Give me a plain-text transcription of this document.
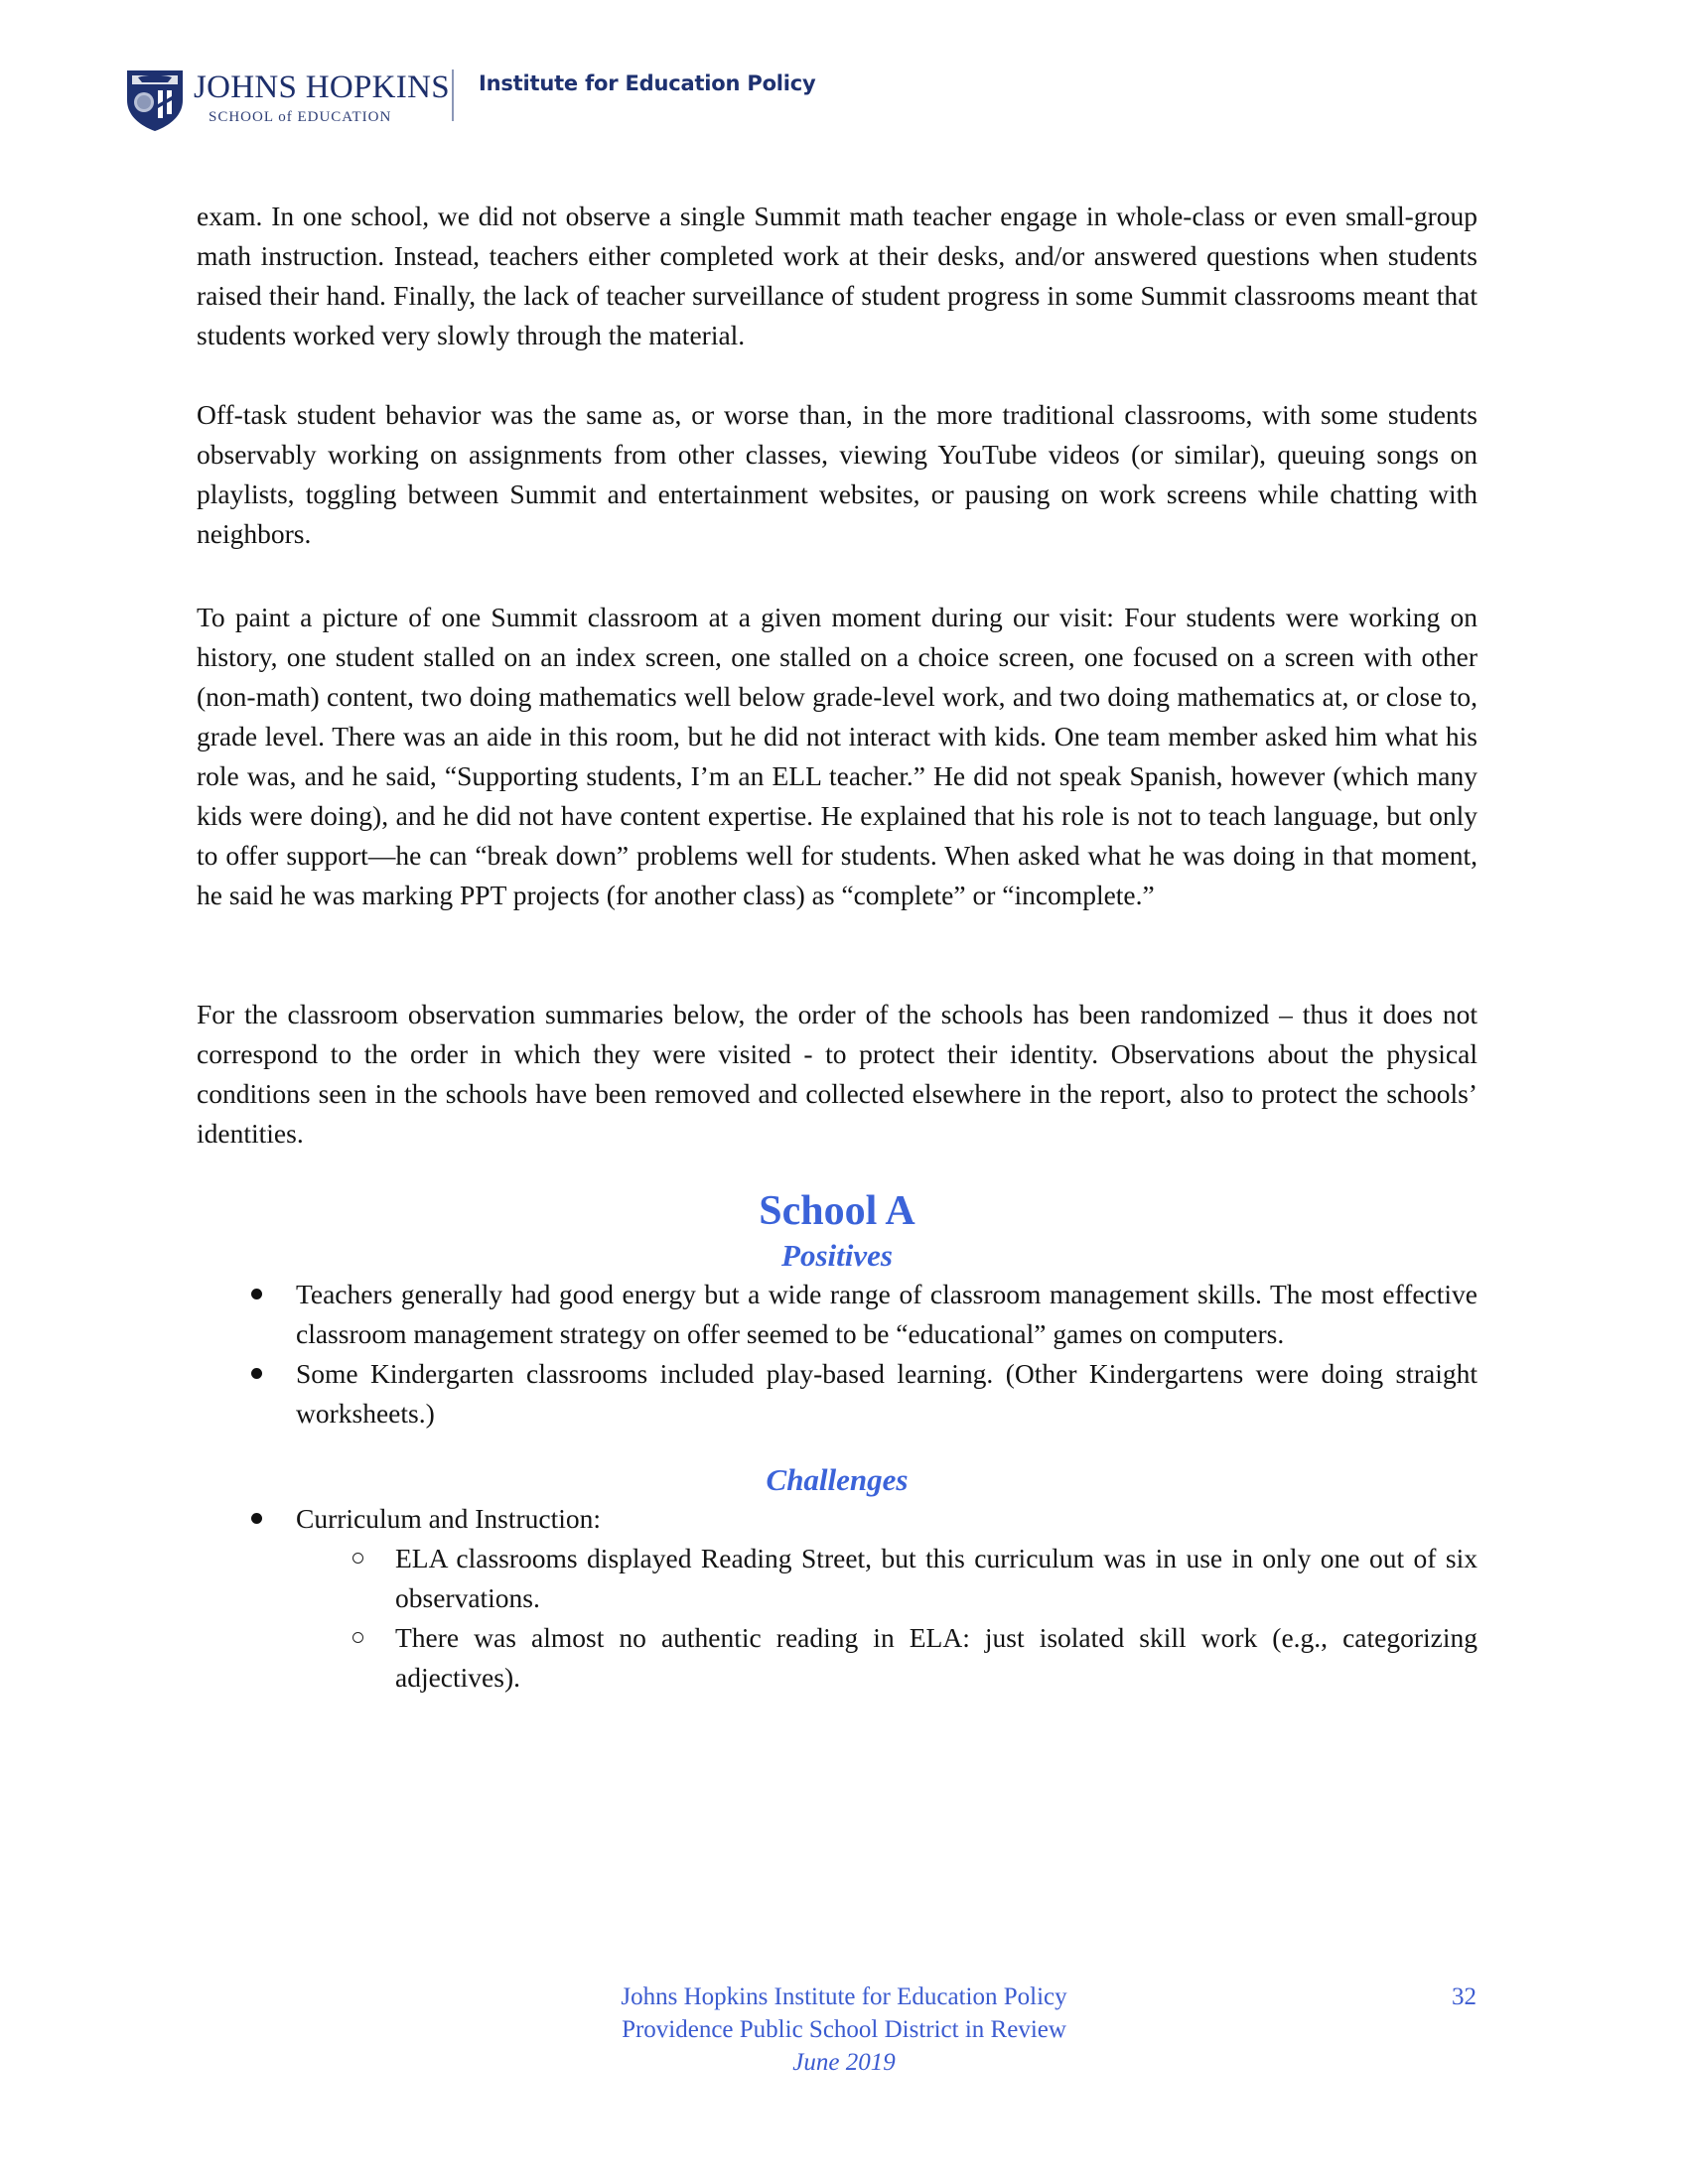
JOHNS HOPKINS
SCHOOL of EDUCATION
Institute for Education Policy

exam. In one school, we did not observe a single Summit math teacher engage in whole-class or even small-group math instruction. Instead, teachers either completed work at their desks, and/or answered questions when students raised their hand. Finally, the lack of teacher surveillance of student progress in some Summit classrooms meant that students worked very slowly through the material.

Off-task student behavior was the same as, or worse than, in the more traditional classrooms, with some students observably working on assignments from other classes, viewing YouTube videos (or similar), queuing songs on playlists, toggling between Summit and entertainment websites, or pausing on work screens while chatting with neighbors.

To paint a picture of one Summit classroom at a given moment during our visit: Four students were working on history, one student stalled on an index screen, one stalled on a choice screen, one focused on a screen with other (non-math) content, two doing mathematics well below grade-level work, and two doing mathematics at, or close to, grade level. There was an aide in this room, but he did not interact with kids. One team member asked him what his role was, and he said, “Supporting students, I’m an ELL teacher.” He did not speak Spanish, however (which many kids were doing), and he did not have content expertise. He explained that his role is not to teach language, but only to offer support—he can “break down” problems well for students. When asked what he was doing in that moment, he said he was marking PPT projects (for another class) as “complete” or “incomplete.”

For the classroom observation summaries below, the order of the schools has been randomized – thus it does not correspond to the order in which they were visited - to protect their identity. Observations about the physical conditions seen in the schools have been removed and collected elsewhere in the report, also to protect the schools’ identities.

School A
Positives
Teachers generally had good energy but a wide range of classroom management skills. The most effective classroom management strategy on offer seemed to be “educational” games on computers.
Some Kindergarten classrooms included play-based learning. (Other Kindergartens were doing straight worksheets.)
Challenges
Curriculum and Instruction:
ELA classrooms displayed Reading Street, but this curriculum was in use in only one out of six observations.
There was almost no authentic reading in ELA: just isolated skill work (e.g., categorizing adjectives).
Johns Hopkins Institute for Education Policy
Providence Public School District in Review
June 2019
32
